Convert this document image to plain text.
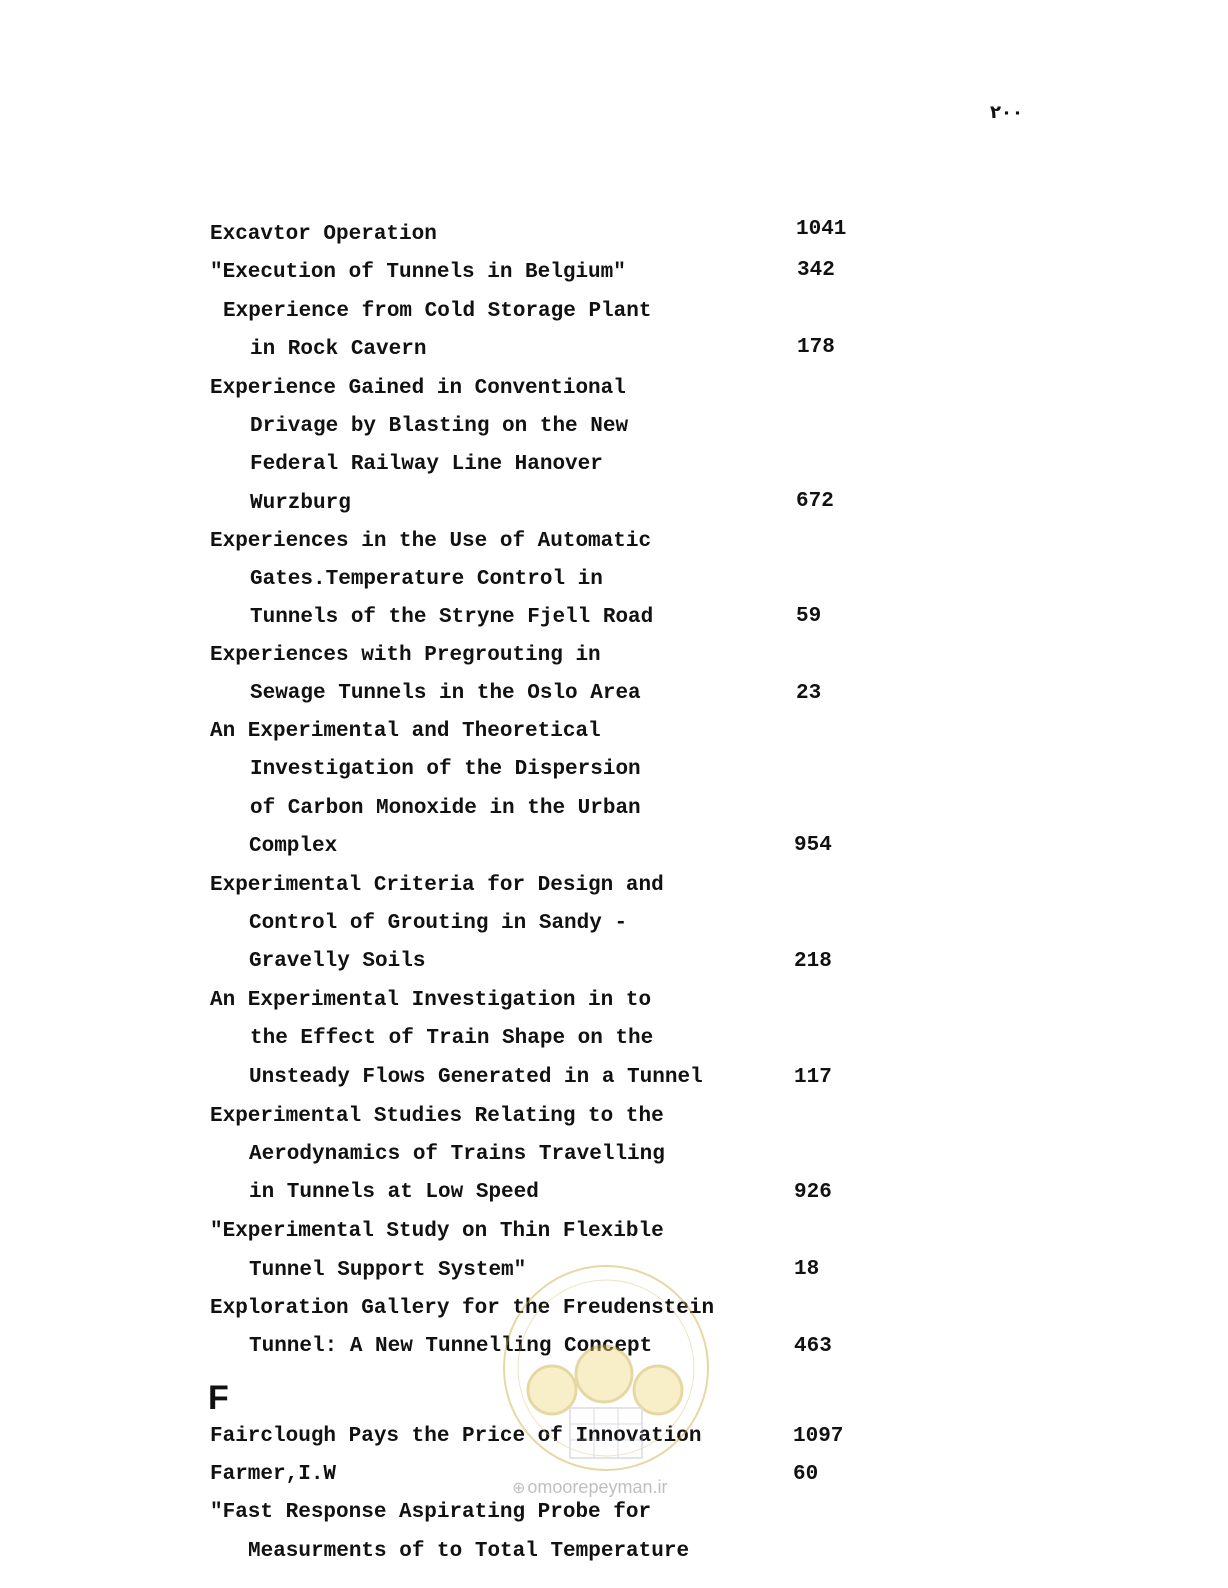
۲۰۰
Excavtor Operation	1041
"Execution of Tunnels in Belgium"	342
Experience from Cold Storage Plant
in Rock Cavern	178
Experience Gained in Conventional
Drivage by Blasting on the New
Federal Railway Line Hanover
Wurzburg	672
Experiences in the Use of Automatic
Gates.Temperature Control in
Tunnels of the Stryne Fjell Road	59
Experiences with Pregrouting in
Sewage Tunnels in the Oslo Area	23
An Experimental and Theoretical
Investigation of the Dispersion
of Carbon Monoxide in the Urban
Complex	954
Experimental Criteria for Design and
Control of Grouting in Sandy -
Gravelly Soils	218
An Experimental Investigation in to
the Effect of Train Shape on the
Unsteady Flows Generated in a Tunnel	117
Experimental Studies Relating to the
Aerodynamics of Trains Travelling
in Tunnels at Low Speed	926
"Experimental Study on Thin Flexible
Tunnel Support System"	18
Exploration Gallery for the Freudenstein
Tunnel: A New Tunnelling Concept	463
Fairclough Pays the Price of Innovation	1097
Farmer,I.W	60
"Fast Response Aspirating Probe for
Measurments of to Total Temperature
F
⊕ omoorepeyman.ir
